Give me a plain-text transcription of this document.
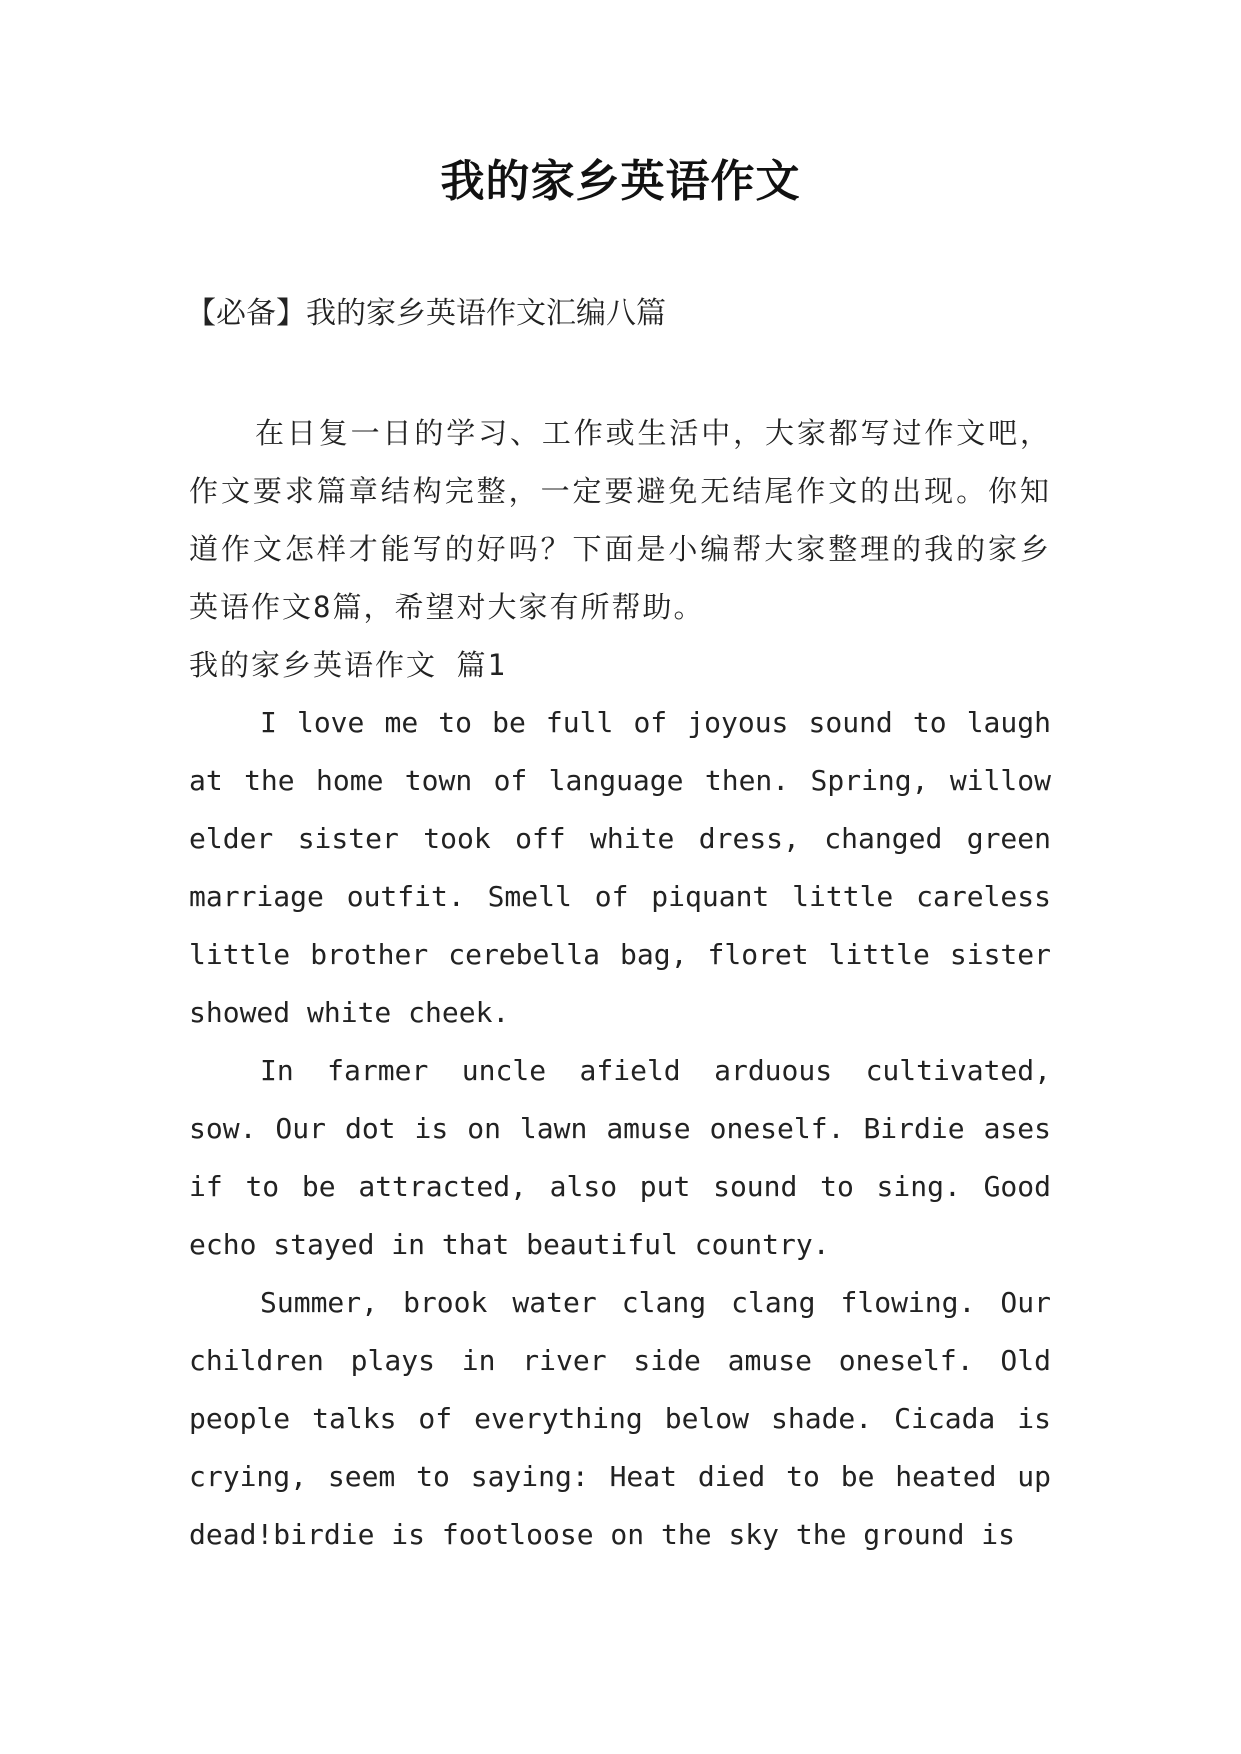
我的家乡英语作文
【必备】我的家乡英语作文汇编八篇

在日复一日的学习、工作或生活中，大家都写过作文吧，作文要求篇章结构完整，一定要避免无结尾作文的出现。你知道作文怎样才能写的好吗？下面是小编帮大家整理的我的家乡英语作文8篇，希望对大家有所帮助。

我的家乡英语作文 篇1

I love me to be full of joyous sound to laugh at the home town of language then. Spring, willow elder sister took off white dress, changed green marriage outfit. Smell of piquant little careless little brother cerebella bag, floret little sister showed white cheek.

In farmer uncle afield arduous cultivated, sow. Our dot is on lawn amuse oneself. Birdie ases if to be attracted, also put sound to sing. Good echo stayed in that beautiful country.

Summer, brook water clang clang flowing. Our children plays in river side amuse oneself. Old people talks of everything below shade. Cicada is crying, seem to saying: Heat died to be heated up dead!birdie is footloose on the sky the ground is
